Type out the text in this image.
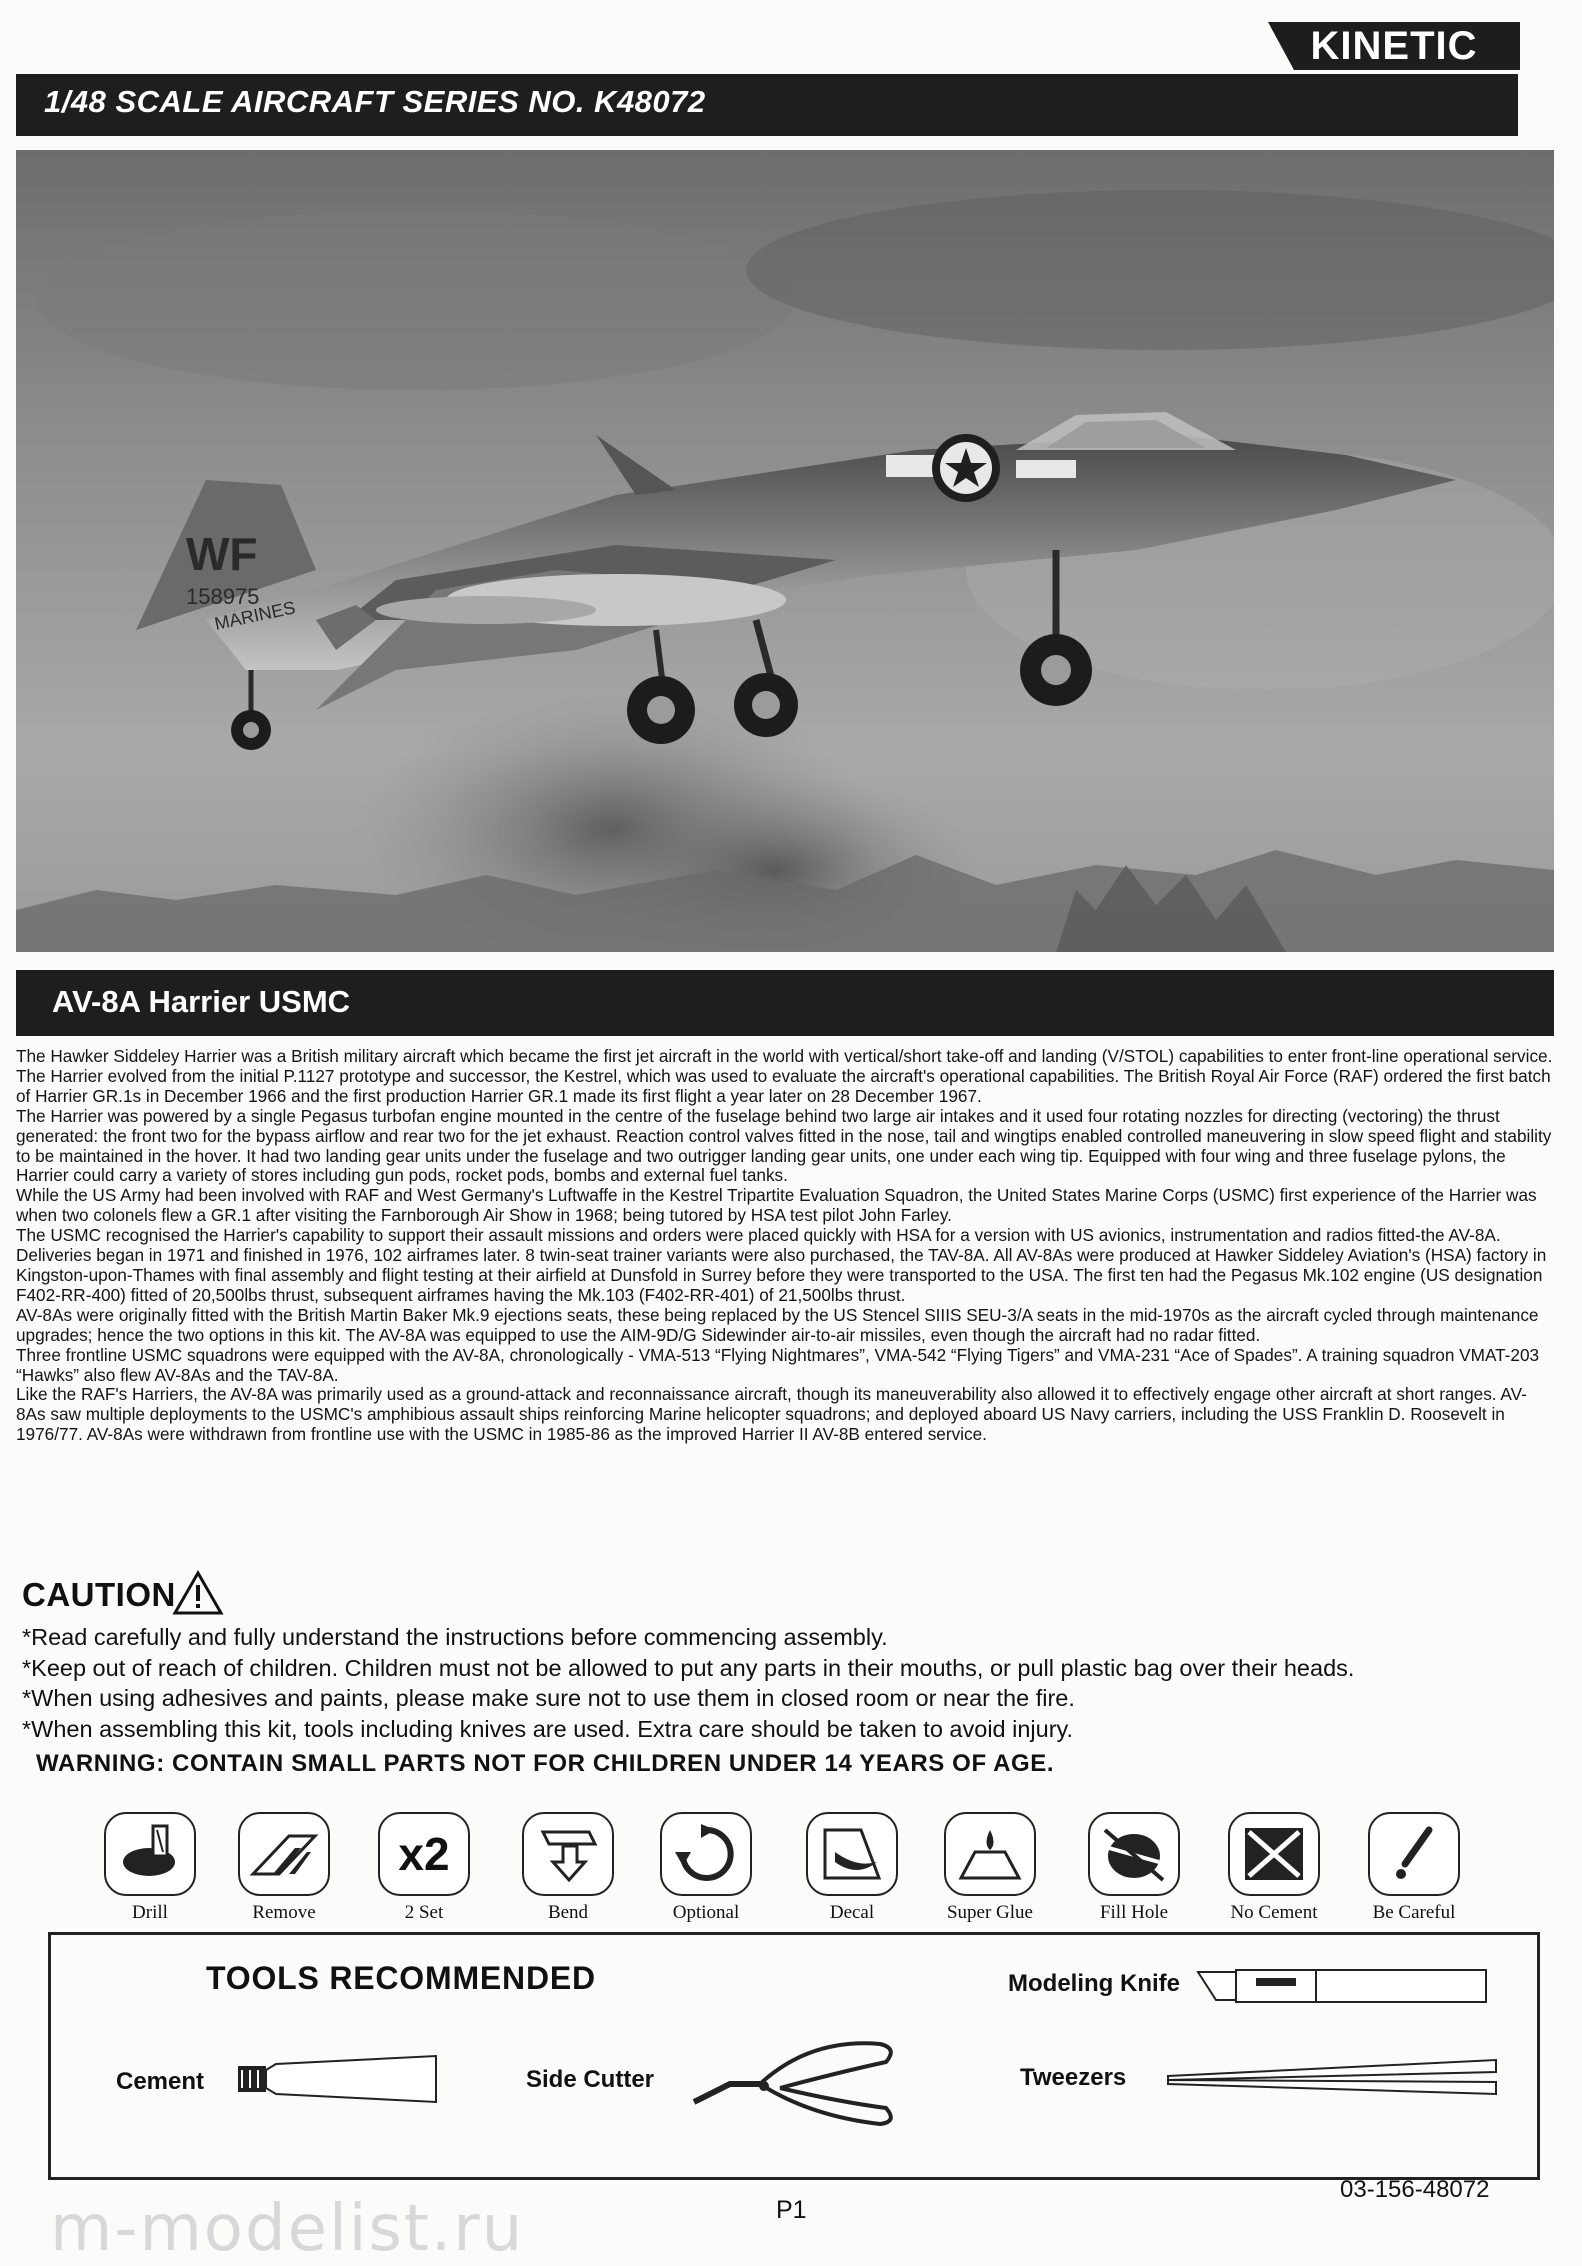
KINETIC
1/48 SCALE AIRCRAFT SERIES NO. K48072
WF
158975
MARINES
AV-8A Harrier USMC

The Hawker Siddeley Harrier was a British military aircraft which became the first jet aircraft in the world with vertical/short take-off and landing (V/STOL) capabilities to enter front-line operational service. The Harrier evolved from the initial P.1127 prototype and successor, the Kestrel, which was used to evaluate the aircraft's operational capabilities. The British Royal Air Force (RAF) ordered the first batch of Harrier GR.1s in December 1966 and the first production Harrier GR.1 made its first flight a year later on 28 December 1967.

The Harrier was powered by a single Pegasus turbofan engine mounted in the centre of the fuselage behind two large air intakes and it used four rotating nozzles for directing (vectoring) the thrust generated: the front two for the bypass airflow and rear two for the jet exhaust. Reaction control valves fitted in the nose, tail and wingtips enabled controlled maneuvering in slow speed flight and stability to be maintained in the hover. It had two landing gear units under the fuselage and two outrigger landing gear units, one under each wing tip. Equipped with four wing and three fuselage pylons, the Harrier could carry a variety of stores including gun pods, rocket pods, bombs and external fuel tanks.

While the US Army had been involved with RAF and West Germany's Luftwaffe in the Kestrel Tripartite Evaluation Squadron, the United States Marine Corps (USMC) first experience of the Harrier was when two colonels flew a GR.1 after visiting the Farnborough Air Show in 1968; being tutored by HSA test pilot John Farley.

The USMC recognised the Harrier's capability to support their assault missions and orders were placed quickly with HSA for a version with US avionics, instrumentation and radios fitted-the AV-8A. Deliveries began in 1971 and finished in 1976, 102 airframes later. 8 twin-seat trainer variants were also purchased, the TAV-8A. All AV-8As were produced at Hawker Siddeley Aviation's (HSA) factory in Kingston-upon-Thames with final assembly and flight testing at their airfield at Dunsfold in Surrey before they were transported to the USA. The first ten had the Pegasus Mk.102 engine (US designation F402-RR-400) fitted of 20,500lbs thrust, subsequent airframes having the Mk.103 (F402-RR-401) of 21,500lbs thrust.

AV-8As were originally fitted with the British Martin Baker Mk.9 ejections seats, these being replaced by the US Stencel SIIIS SEU-3/A seats in the mid-1970s as the aircraft cycled through maintenance upgrades; hence the two options in this kit. The AV-8A was equipped to use the AIM-9D/G Sidewinder air-to-air missiles, even though the aircraft had no radar fitted.

Three frontline USMC squadrons were equipped with the AV-8A, chronologically - VMA-513 “Flying Nightmares”, VMA-542 “Flying Tigers” and VMA-231 “Ace of Spades”. A training squadron VMAT-203 “Hawks” also flew AV-8As and the TAV-8A.

Like the RAF's Harriers, the AV-8A was primarily used as a ground-attack and reconnaissance aircraft, though its maneuverability also allowed it to effectively engage other aircraft at short ranges. AV-8As saw multiple deployments to the USMC's amphibious assault ships reinforcing Marine helicopter squadrons; and deployed aboard US Navy carriers, including the USS Franklin D. Roosevelt in 1976/77. AV-8As were withdrawn from frontline use with the USMC in 1985-86 as the improved Harrier II AV-8B entered service.

CAUTION
*Read carefully and fully understand the instructions before commencing assembly.
*Keep out of reach of children. Children must not be allowed to put any parts in their mouths, or pull plastic bag over their heads.
*When using adhesives and paints, please make sure not to use them in closed room or near the fire.
*When assembling this kit, tools including knives are used. Extra care should be taken to avoid injury.
WARNING: CONTAIN SMALL PARTS NOT FOR CHILDREN UNDER 14 YEARS OF AGE.
Drill	Remove
x2
2 Set	Bend	Optional	Decal	Super Glue	Fill Hole	No Cement	Be Careful
TOOLS RECOMMENDED	Modeling Knife
Cement	Side Cutter	Tweezers
m-modelist.ru	P1
03-156-48072
